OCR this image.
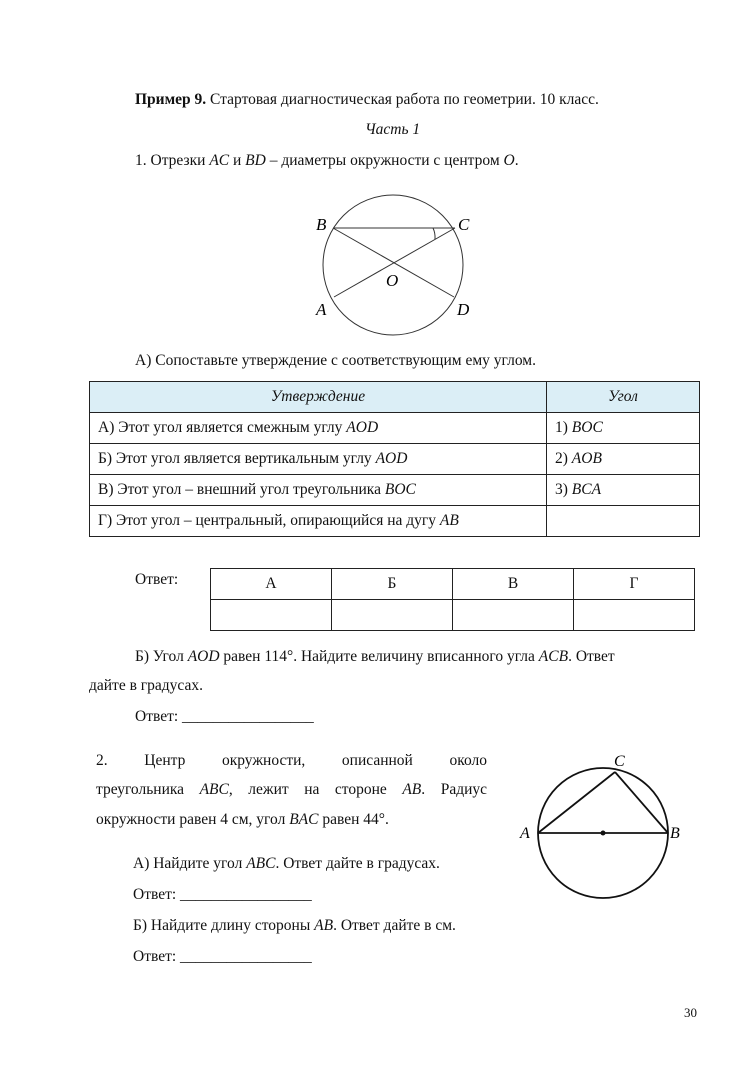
Пример 9. Стартовая диагностическая работа по геометрии. 10 класс.
Часть 1
1. Отрезки AC и BD – диаметры окружности с центром O.
B	C
O
A	D
А) Сопоставьте утверждение с соответствующим ему углом.
Утверждение	Угол
А) Этот угол является смежным углу AOD	1) BOC
Б) Этот угол является вертикальным углу AOD	2) AOB
В) Этот угол – внешний угол треугольника BOC	3) BCA
Г) Этот угол – центральный, опирающийся на дугу AB	
Ответ:	А	Б	В	Г

Б) Угол AOD равен 114°. Найдите величину вписанного угла ACB. Ответ
дайте в градусах.
Ответ: _________________
2. Центр окружности, описанной около
треугольника ABC, лежит на стороне AB. Радиус
окружности равен 4 см, угол BAC равен 44°.
A	B
C
А) Найдите угол ABC. Ответ дайте в градусах.
Ответ: _________________
Б) Найдите длину стороны AB. Ответ дайте в см.
Ответ: _________________
30
